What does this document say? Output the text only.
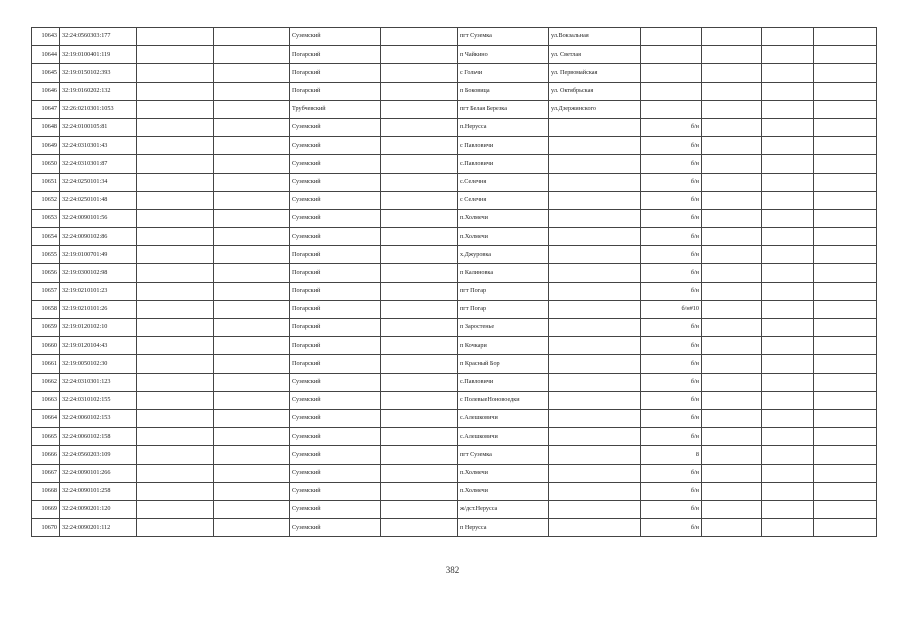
10643	32:24:0560303:177			Суземский		пгт Суземка	ул.Вокзальная				
10644	32:19:0100401:119			Погарский		п Чайкино	ул. Светлая				
10645	32:19:0150102:393			Погарский		с Гольчи	ул. Первомайская				
10646	32:19:0160202:132			Погарский		п Боковица	ул. Октябрьская				
10647	32:26:0210301:1053			Трубчевский		пгт Белая Березка	ул.Дзержинского				
10648	32:24:0100105:81			Суземский		п.Нерусса		б/н			
10649	32:24:0310301:43			Суземский		с Павловичи		б/н			
10650	32:24:0310301:87			Суземский		с.Павловичи		б/н			
10651	32:24:0250101:34			Суземский		с.Селечня		б/н			
10652	32:24:0250101:48			Суземский		с Селечня		б/н			
10653	32:24:0090101:56			Суземский		п.Холмечи		б/н			
10654	32:24:0090102:86			Суземский		п.Холмечи		б/н			
10655	32:19:0100701:49			Погарский		х.Джуровка		б/н			
10656	32:19:0300102:98			Погарский		п Калиновка		б/н			
10657	32:19:0210101:23			Погарский		пгт Погар		б/н			
10658	32:19:0210101:26			Погарский		пгт Погар		б/н#10			
10659	32:19:0120102:10			Погарский		п Заростенье		б/н			
10660	32:19:0120104:43			Погарский		п Кочкари		б/н			
10661	32:19:0050102:30			Погарский		п Красный Бор		б/н			
10662	32:24:0310301:123			Суземский		с.Павловичи		б/н			
10663	32:24:0310102:155			Суземский		с ПолевыеНоновоедки		б/н			
10664	32:24:0060102:153			Суземский		с.Алешковичи		б/н			
10665	32:24:0060102:158			Суземский		с.Алешковичи		б/н			
10666	32:24:0560203:109			Суземский		пгт Суземка		8			
10667	32:24:0090101:266			Суземский		п.Холмечи		б/н			
10668	32:24:0090101:258			Суземский		п.Холмечи		б/н			
10669	32:24:0090201:120			Суземский		ж/дст.Нерусса		б/н			
10670	32:24:0090201:112			Суземский		п Нерусса		б/н			
382
